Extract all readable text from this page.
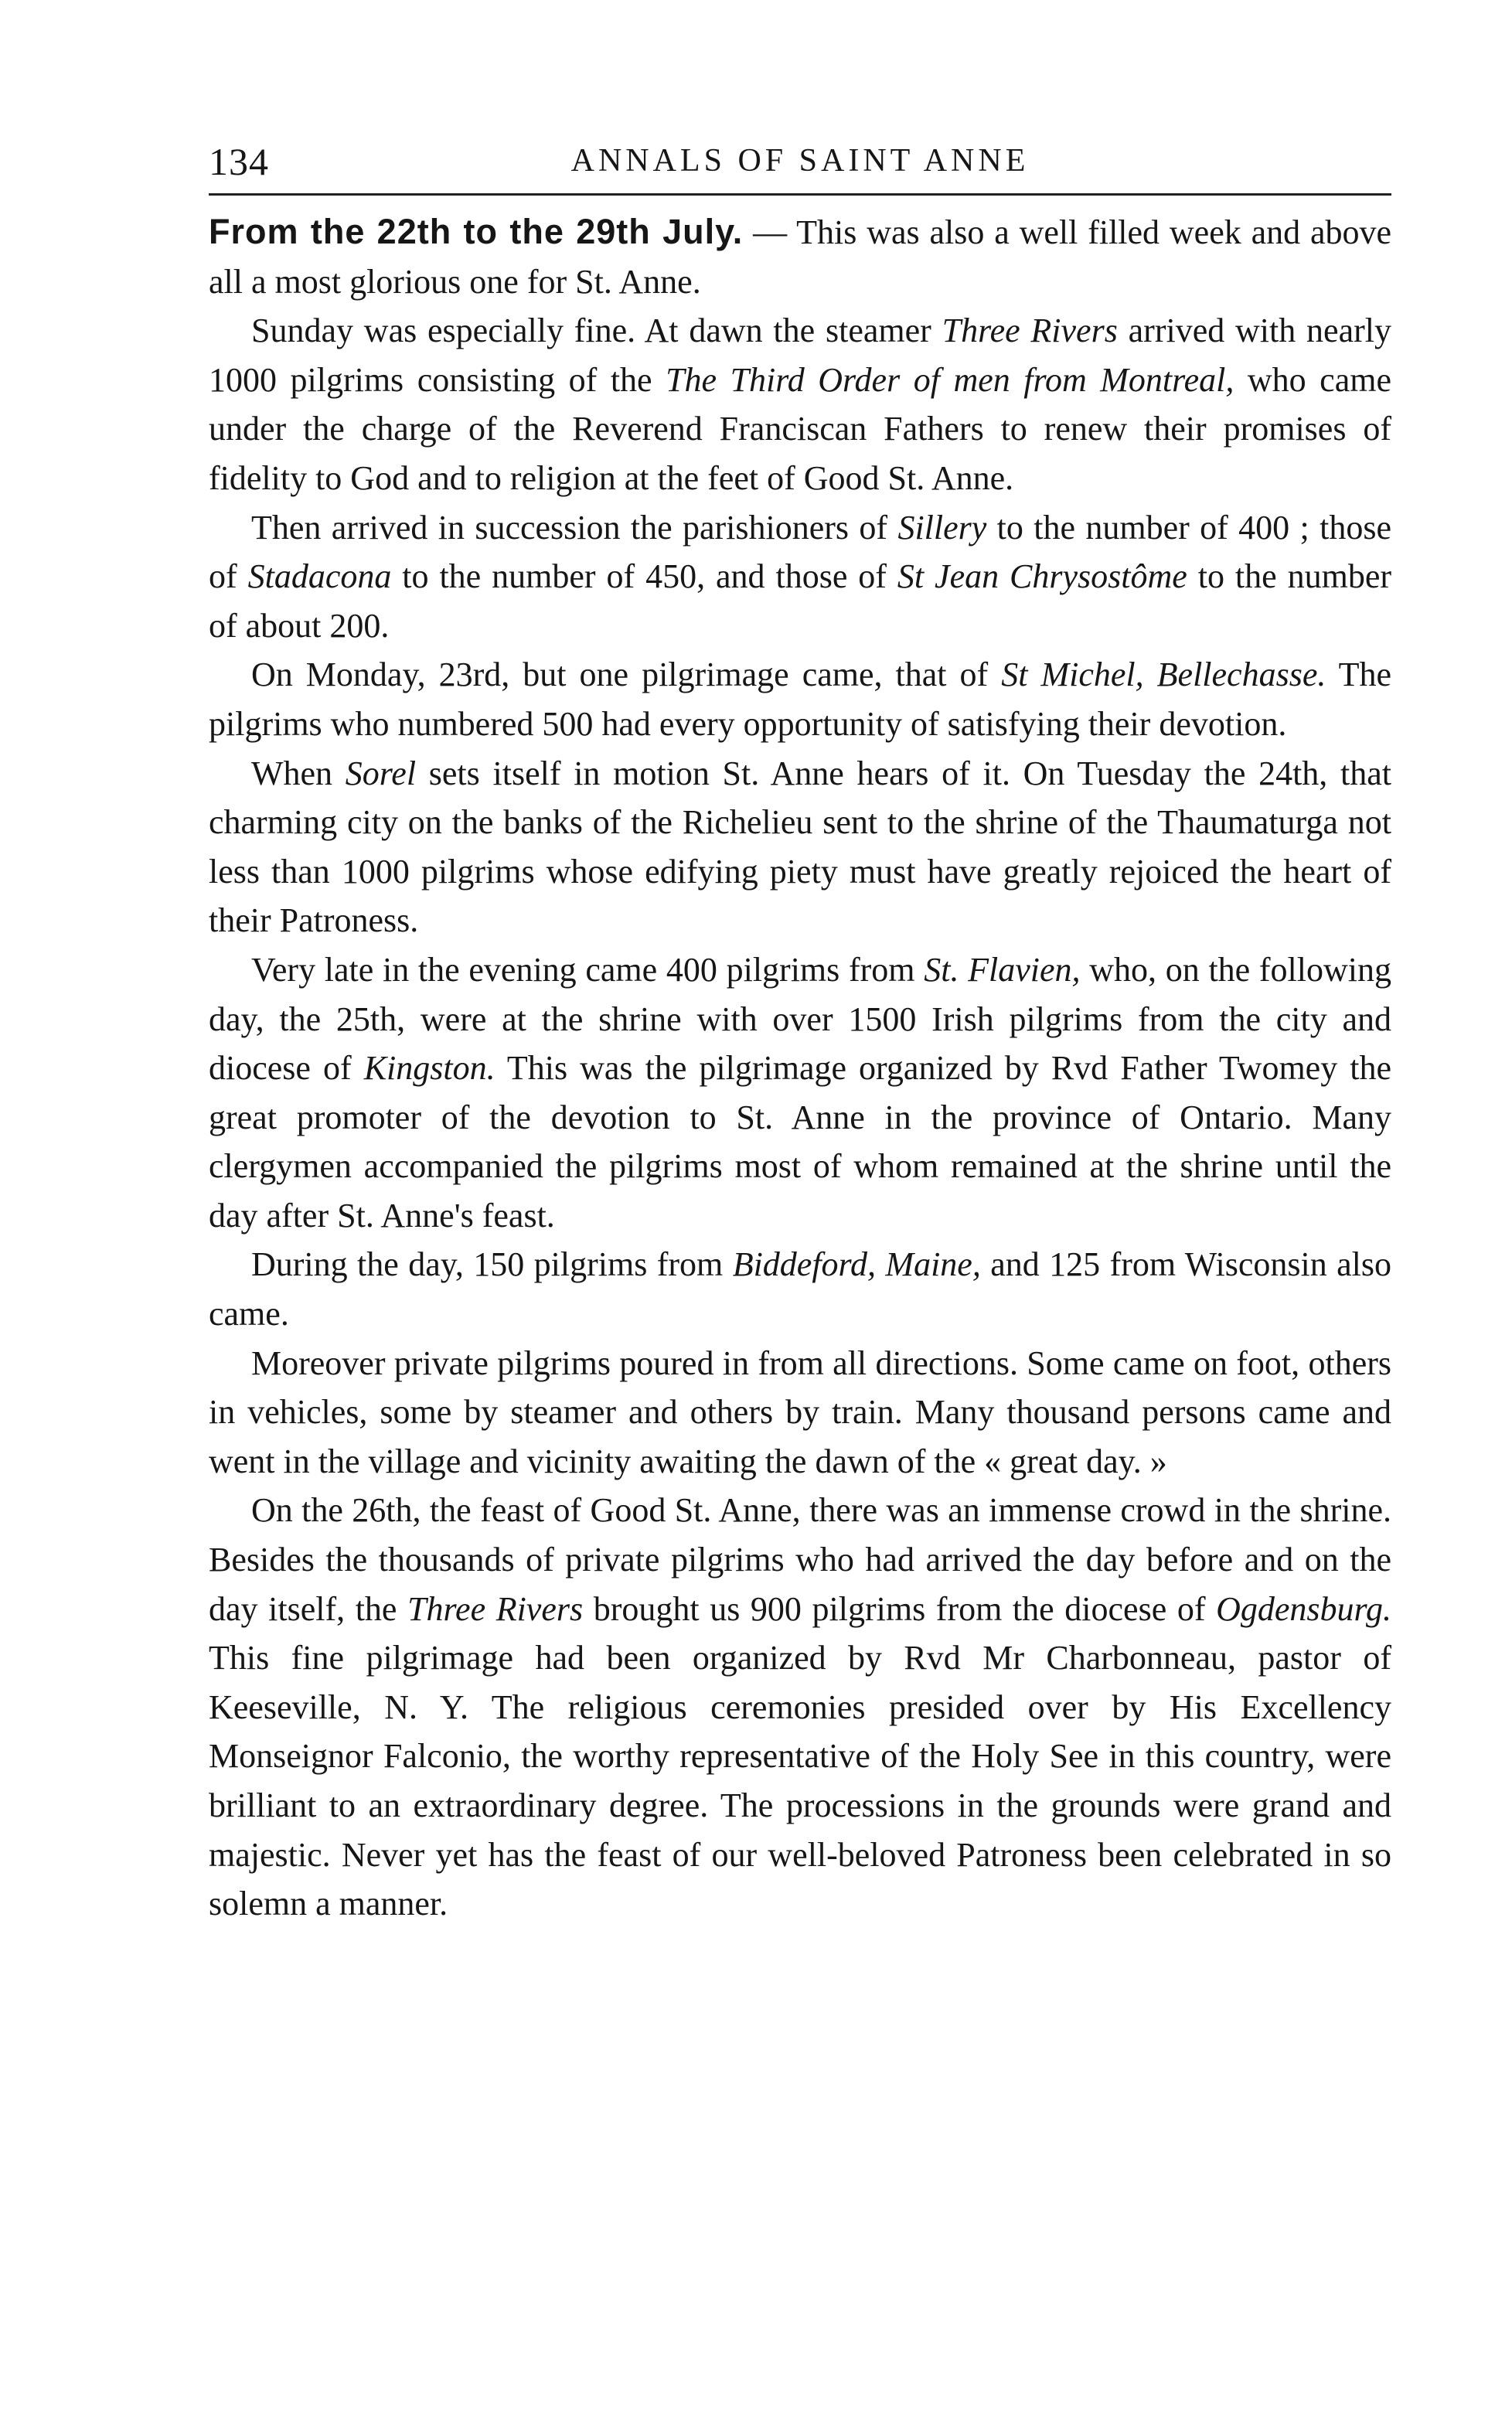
134	ANNALS OF SAINT ANNE

From the 22th to the 29th July. — This was also a well filled week and above all a most glorious one for St. Anne.

Sunday was especially fine. At dawn the steamer Three Rivers arrived with nearly 1000 pilgrims consisting of the The Third Order of men from Montreal, who came under the charge of the Reverend Franciscan Fathers to renew their promises of fidelity to God and to religion at the feet of Good St. Anne.

Then arrived in succession the parishioners of Sillery to the number of 400 ; those of Stadacona to the number of 450, and those of St Jean Chrysostôme to the number of about 200.

On Monday, 23rd, but one pilgrimage came, that of St Michel, Bellechasse. The pilgrims who numbered 500 had every opportunity of satisfying their devotion.

When Sorel sets itself in motion St. Anne hears of it. On Tuesday the 24th, that charming city on the banks of the Richelieu sent to the shrine of the Thaumaturga not less than 1000 pilgrims whose edifying piety must have greatly rejoiced the heart of their Patroness.

Very late in the evening came 400 pilgrims from St. Flavien, who, on the following day, the 25th, were at the shrine with over 1500 Irish pilgrims from the city and diocese of Kingston. This was the pilgrimage organized by Rvd Father Twomey the great promoter of the devotion to St. Anne in the province of Ontario. Many clergymen accompanied the pilgrims most of whom remained at the shrine until the day after St. Anne's feast.

During the day, 150 pilgrims from Biddeford, Maine, and 125 from Wisconsin also came.

Moreover private pilgrims poured in from all directions. Some came on foot, others in vehicles, some by steamer and others by train. Many thousand persons came and went in the village and vicinity awaiting the dawn of the « great day. »

On the 26th, the feast of Good St. Anne, there was an immense crowd in the shrine. Besides the thousands of private pilgrims who had arrived the day before and on the day itself, the Three Rivers brought us 900 pilgrims from the diocese of Ogdensburg. This fine pilgrimage had been organized by Rvd Mr Charbonneau, pastor of Keeseville, N. Y. The religious ceremonies presided over by His Excellency Monseignor Falconio, the worthy representative of the Holy See in this country, were brilliant to an extraordinary degree. The processions in the grounds were grand and majestic. Never yet has the feast of our well-beloved Patroness been celebrated in so solemn a manner.
